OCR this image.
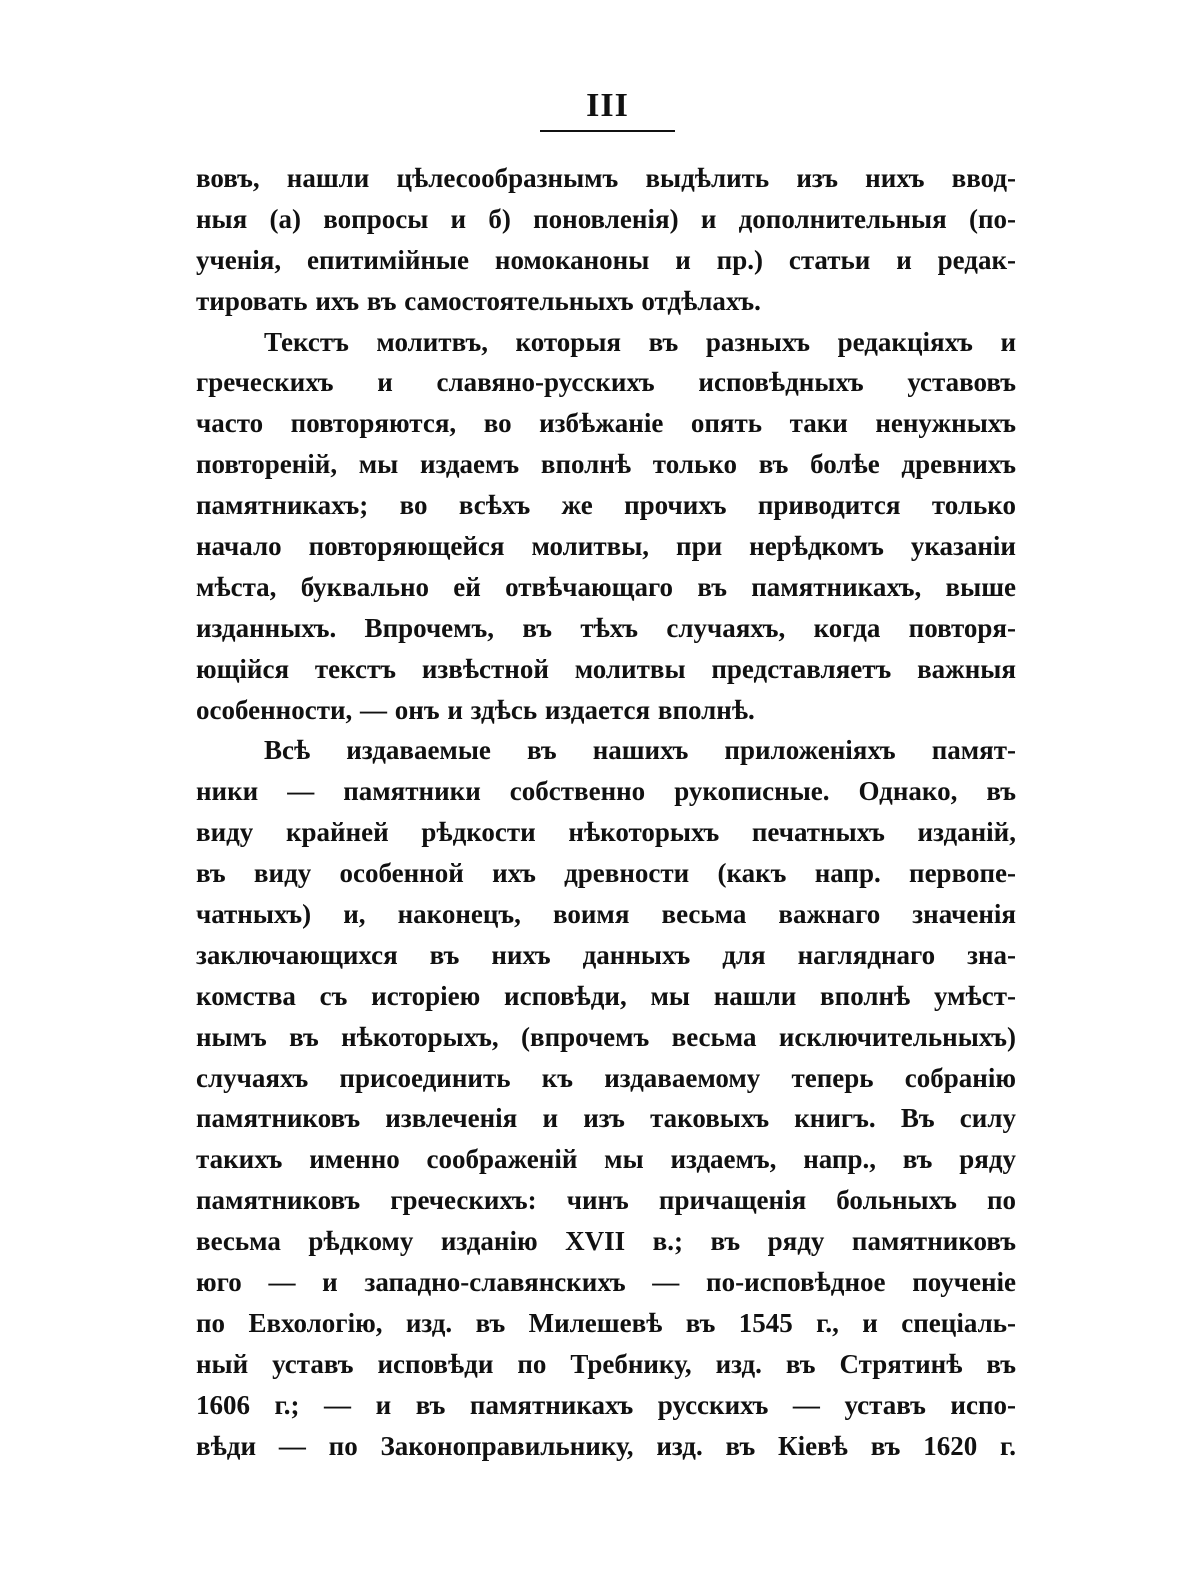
III
вовъ, нашли цѣлесообразнымъ выдѣлить изъ нихъ ввод-
ныя (а) вопросы и б) поновленія) и дополнительныя (по-
ученія, епитимiйные номоканоны и пр.) статьи и редак-
тировать ихъ въ самостоятельныхъ отдѣлахъ.
Текстъ молитвъ, которыя въ разныхъ редакціяхъ и
греческихъ и славяно-русскихъ исповѣдныхъ уставовъ
часто повторяются, во избѣжаніе опять таки ненужныхъ
повтореній, мы издаемъ вполнѣ только въ болѣе древнихъ
памятникахъ; во всѣхъ же прочихъ приводится только
начало повторяющейся молитвы, при нерѣдкомъ указаніи
мѣста, буквально ей отвѣчающаго въ памятникахъ, выше
изданныхъ. Впрочемъ, въ тѣхъ случаяхъ, когда повторя-
ющійся текстъ извѣстной молитвы представляетъ важныя
особенности, — онъ и здѣсь издается вполнѣ.
Всѣ издаваемые въ нашихъ приложеніяхъ памят-
ники — памятники собственно рукописные. Однако, въ
виду крайней рѣдкости нѣкоторыхъ печатныхъ изданій,
въ виду особенной ихъ древности (какъ напр. первопе-
чатныхъ) и, наконецъ, воимя весьма важнаго значенія
заключающихся въ нихъ данныхъ для нагляднаго зна-
комства съ исторіею исповѣди, мы нашли вполнѣ умѣст-
нымъ въ нѣкоторыхъ, (впрочемъ весьма исключительныхъ)
случаяхъ присоединить къ издаваемому теперь собранію
памятниковъ извлеченія и изъ таковыхъ книгъ. Въ силу
такихъ именно соображеній мы издаемъ, напр., въ ряду
памятниковъ греческихъ: чинъ причащенія больныхъ по
весьма рѣдкому изданію XVII в.; въ ряду памятниковъ
юго — и западно-славянскихъ — по-исповѣдное поученіе
по Евхологію, изд. въ Милешевѣ въ 1545 г., и спеціаль-
ный уставъ исповѣди по Требнику, изд. въ Стрятинѣ въ
1606 г.; — и въ памятникахъ русскихъ — уставъ испо-
вѣди — по Законоправильнику, изд. въ Кіевѣ въ 1620 г.
